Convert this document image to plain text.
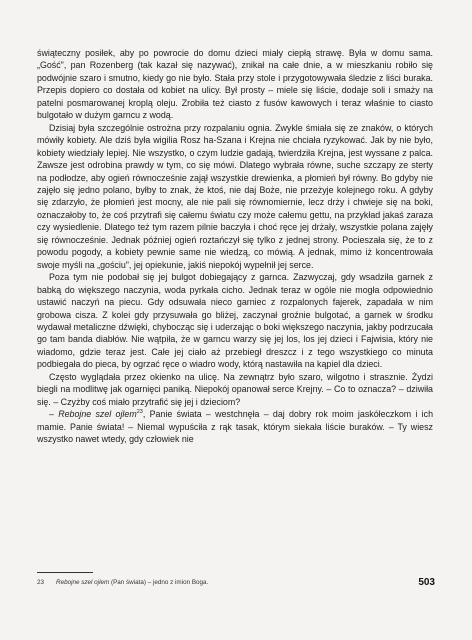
świąteczny posiłek, aby po powrocie do domu dzieci miały ciepłą strawę. Była w domu sama. „Gość", pan Rozenberg (tak kazał się nazywać), znikał na całe dnie, a w mieszkaniu robiło się podwójnie szaro i smutno, kiedy go nie było. Stała przy stole i przygotowywała śledzie z liści buraka. Przepis dopiero co dostała od kobiet na ulicy. Był prosty – miele się liście, dodaje soli i smaży na patelni posmarowanej kroplą oleju. Zrobiła też ciasto z fusów kawowych i teraz właśnie to ciasto bulgotało w dużym garncu z wodą.

Dzisiaj była szczególnie ostrożna przy rozpalaniu ognia. Zwykle śmiała się ze znaków, o których mówiły kobiety. Ale dziś była wigilia Rosz ha-Szana i Krejna nie chciała ryzykować. Jak by nie było, kobiety wiedziały lepiej. Nie wszystko, o czym ludzie gadają, twierdziła Krejna, jest wyssane z palca. Zawsze jest odrobina prawdy w tym, co się mówi. Dlatego wybrała równe, suche szczapy ze sterty na podłodze, aby ogień równocześnie zajął wszystkie drewienka, a płomień był równy. Bo gdyby nie zajęło się jedno polano, byłby to znak, że ktoś, nie daj Boże, nie przeżyje kolejnego roku. A gdyby się zdarzyło, że płomień jest mocny, ale nie pali się równomiernie, lecz drży i chwieje się na boki, oznaczałoby to, że coś przytrafi się całemu światu czy może całemu gettu, na przykład jakaś zaraza czy wysiedlenie. Dlatego też tym razem pilnie baczyła i choć ręce jej drżały, wszystkie polana zajęły się równocześnie. Jednak później ogień roztańczył się tylko z jednej strony. Pocieszała się, że to z powodu pogody, a kobiety pewnie same nie wiedzą, co mówią. A jednak, mimo iż koncentrowała swoje myśli na „gościu", jej opiekunie, jakiś niepokój wypełnił jej serce.

Poza tym nie podobał się jej bulgot dobiegający z garnca. Zazwyczaj, gdy wsadziła garnek z babką do większego naczynia, woda pyrkała cicho. Jednak teraz w ogóle nie mogła odpowiednio ustawić naczyń na piecu. Gdy odsuwała nieco garniec z rozpalonych fajerek, zapadała w nim grobowa cisza. Z kolei gdy przysuwała go bliżej, zaczynał groźnie bulgotać, a garnek w środku wydawał metaliczne dźwięki, chybocząc się i uderzając o boki większego naczynia, jakby podrzucała go tam banda diabłów. Nie wątpiła, że w garncu warzy się jej los, los jej dzieci i Fajwisia, który nie wiadomo, gdzie teraz jest. Całe jej ciało aż przebiegł dreszcz i z tego wszystkiego co minuta podbiegała do pieca, by ogrzać ręce o wiadro wody, którą nastawiła na kąpiel dla dzieci.

Często wyglądała przez okienko na ulicę. Na zewnątrz było szaro, wilgotno i strasznie. Żydzi biegli na modlitwę jak ogarnięci paniką. Niepokój opanował serce Krejny. – Co to oznacza? – dziwiła się. – Czyżby coś miało przytrafić się jej i dzieciom?

– Rebojne szel ojlem$^{23}$, Panie świata – westchnęła – daj dobry rok moim jaskółeczkom i ich mamie. Panie świata! – Niemal wypuściła z rąk tasak, którym siekała liście buraków. – Ty wiesz wszystko nawet wtedy, gdy człowiek nie

23 Rebojne szel ojlem (Pan świata) – jedno z imion Boga.	503
